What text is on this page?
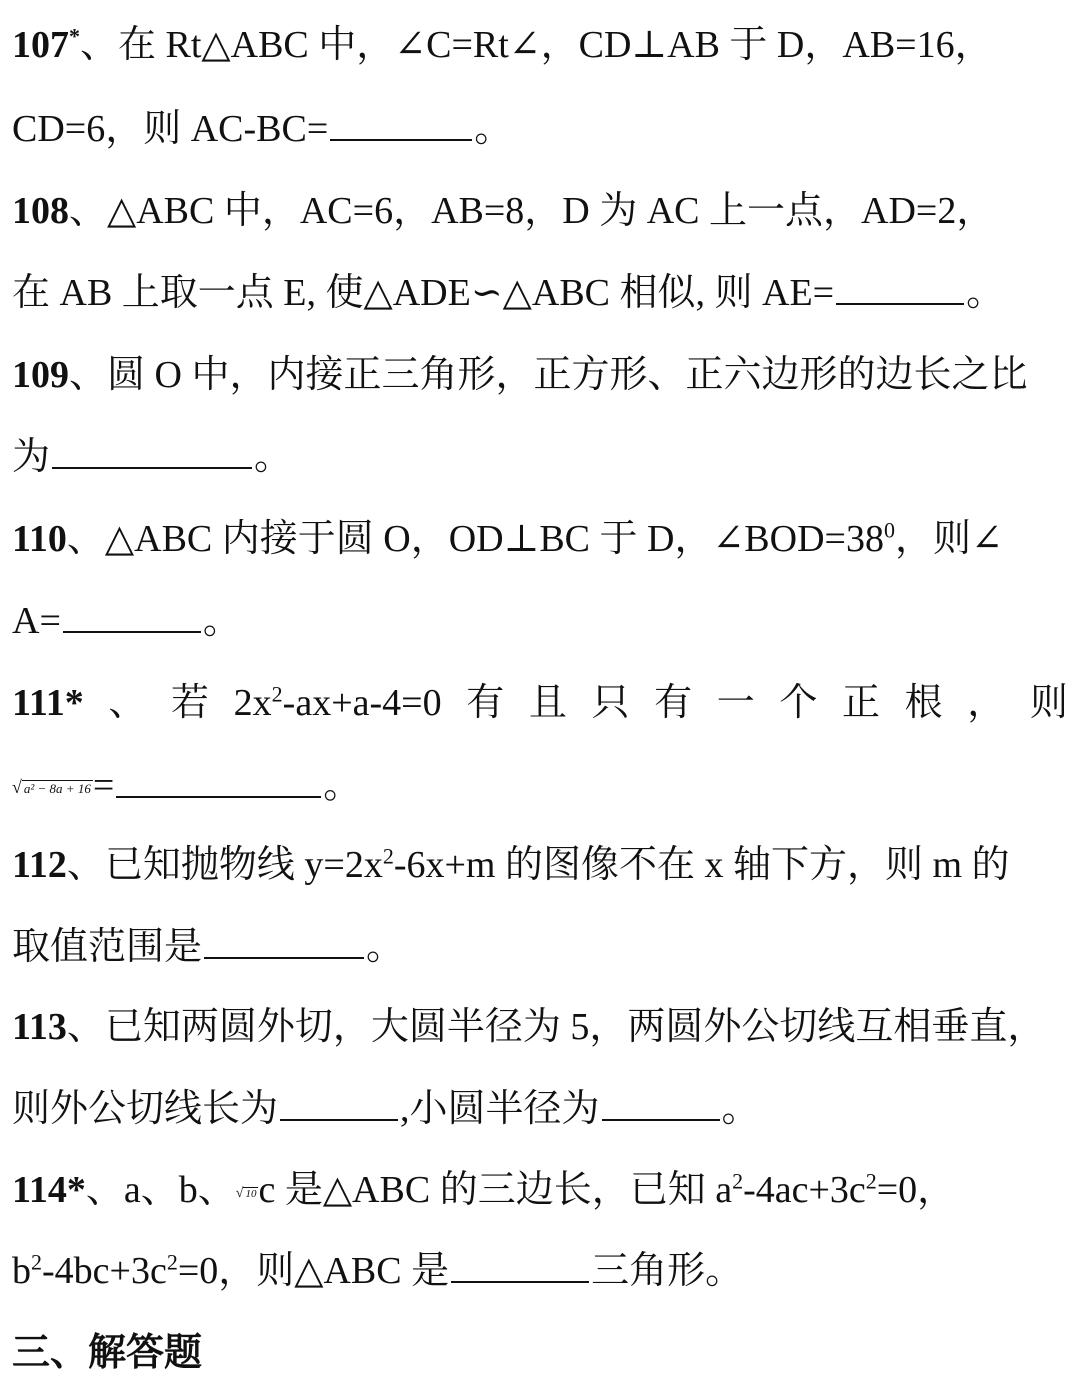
107*、在 Rt△ABC 中，∠C=Rt∠，CD⊥AB 于 D，AB=16，
CD=6，则 AC-BC=	。
108、△ABC 中，AC=6，AB=8，D 为 AC 上一点，AD=2，
在 AB 上取一点 E, 使△ADE∽△ABC 相似, 则 AE=	。
109、圆 O 中，内接正三角形，正方形、正六边形的边长之比
为	。
110、△ABC 内接于圆 O，OD⊥BC 于 D，$\angle BOD=38^0$，则∠
A=	。
111* 、 若 $2x^2-ax+a-4=0$ 有 且 只 有 一 个 正 根 ， 则
√ a² − 8a + 16=	。
112、已知抛物线 $y=2x^2-6x+m$ 的图像不在 x 轴下方，则 m 的
取值范围是	。
113、已知两圆外切，大圆半径为 5，两圆外公切线互相垂直，
则外公切线长为	,小圆半径为	。
114*、a、b、√ 10c 是△ABC 的三边长，已知 $a^2-4ac+3c^2=0$，
$b^2-4bc+3c^2=0$，则△ABC 是	三角形。
三、解答题
